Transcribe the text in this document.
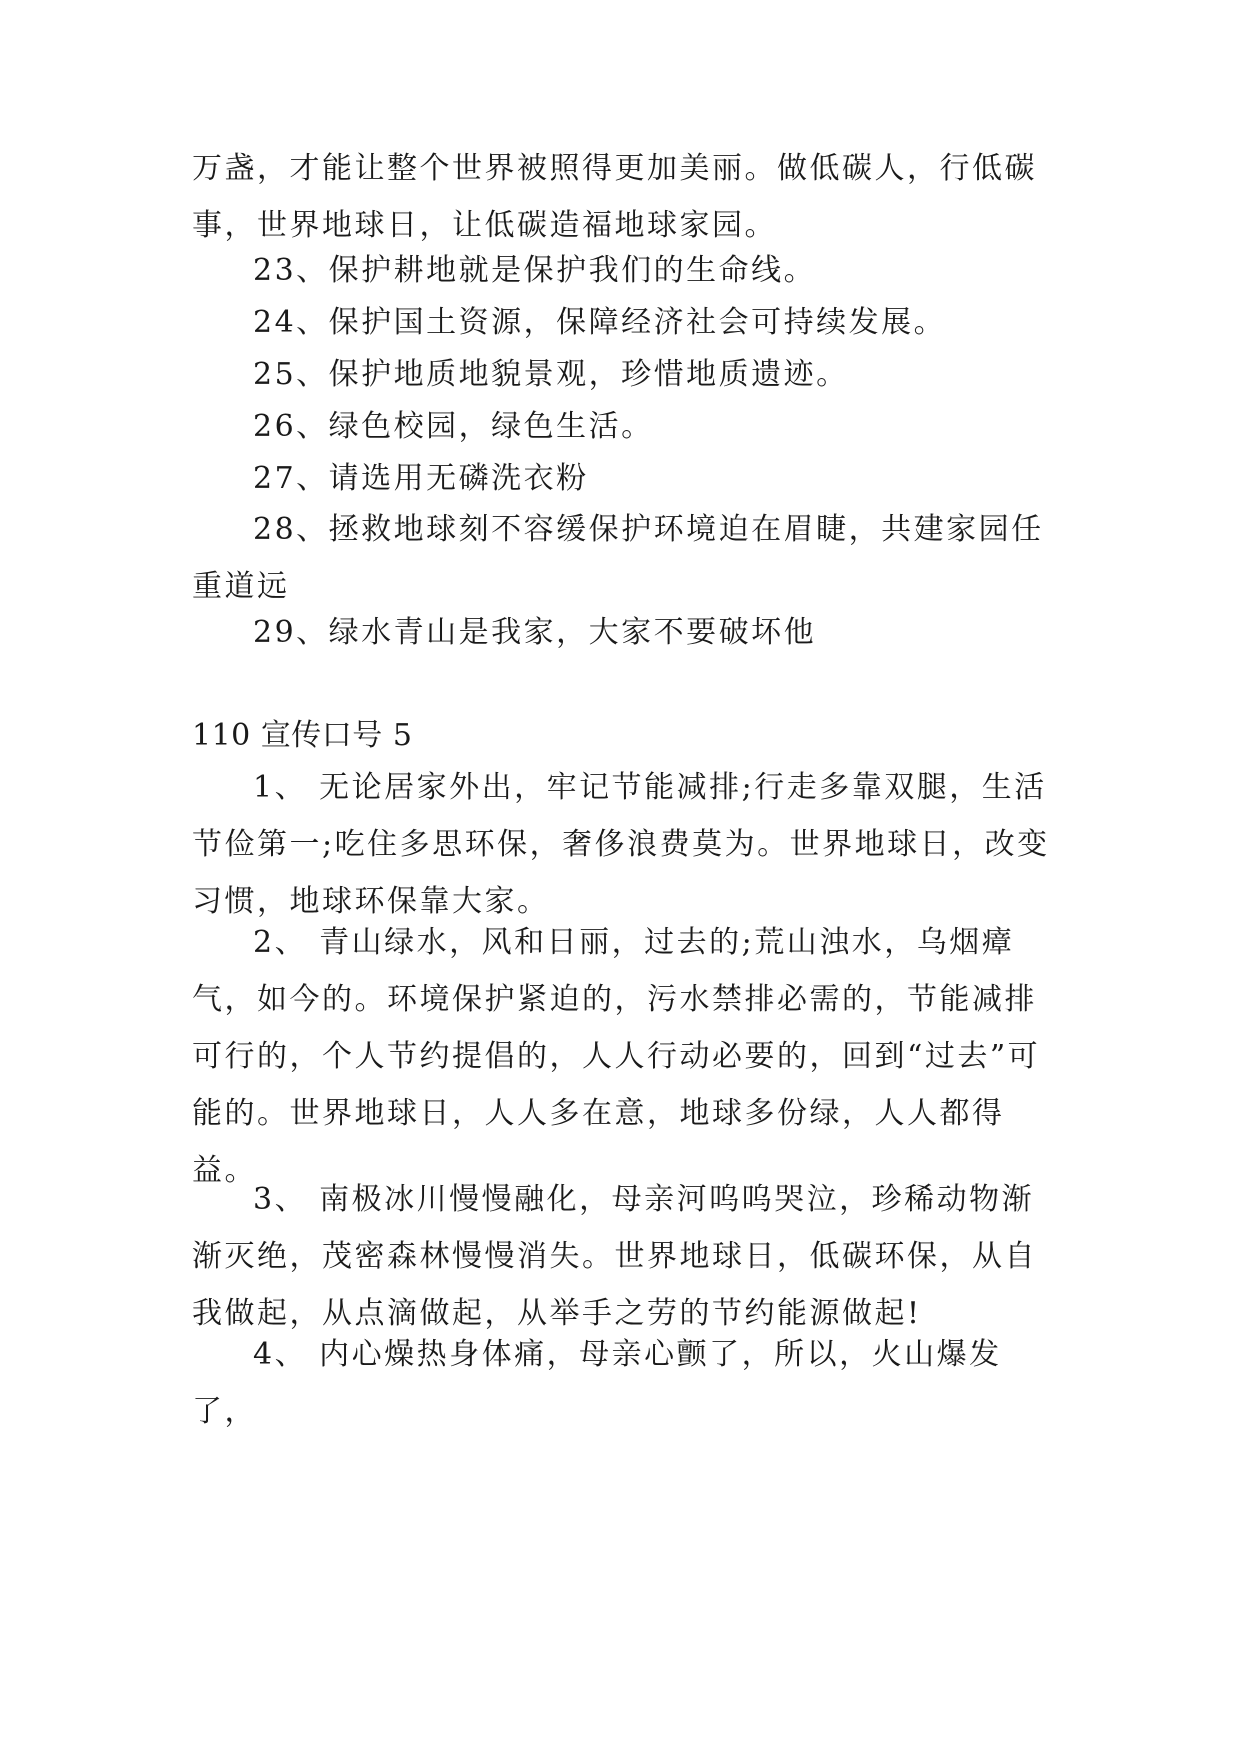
万盏，才能让整个世界被照得更加美丽。做低碳人，行低碳事，世界地球日，让低碳造福地球家园。

23、保护耕地就是保护我们的生命线。

24、保护国土资源，保障经济社会可持续发展。

25、保护地质地貌景观，珍惜地质遗迹。

26、绿色校园，绿色生活。

27、请选用无磷洗衣粉

28、拯救地球刻不容缓保护环境迫在眉睫，共建家园任重道远

29、绿水青山是我家，大家不要破坏他

110 宣传口号 5

1、 无论居家外出，牢记节能减排;行走多靠双腿，生活节俭第一;吃住多思环保，奢侈浪费莫为。世界地球日，改变习惯，地球环保靠大家。

2、 青山绿水，风和日丽，过去的;荒山浊水，乌烟瘴气，如今的。环境保护紧迫的，污水禁排必需的，节能减排可行的，个人节约提倡的，人人行动必要的，回到“过去”可能的。世界地球日，人人多在意，地球多份绿，人人都得益。

3、 南极冰川慢慢融化，母亲河呜呜哭泣，珍稀动物渐渐灭绝，茂密森林慢慢消失。世界地球日，低碳环保，从自我做起，从点滴做起，从举手之劳的节约能源做起!

4、 内心燥热身体痛，母亲心颤了，所以，火山爆发了，
